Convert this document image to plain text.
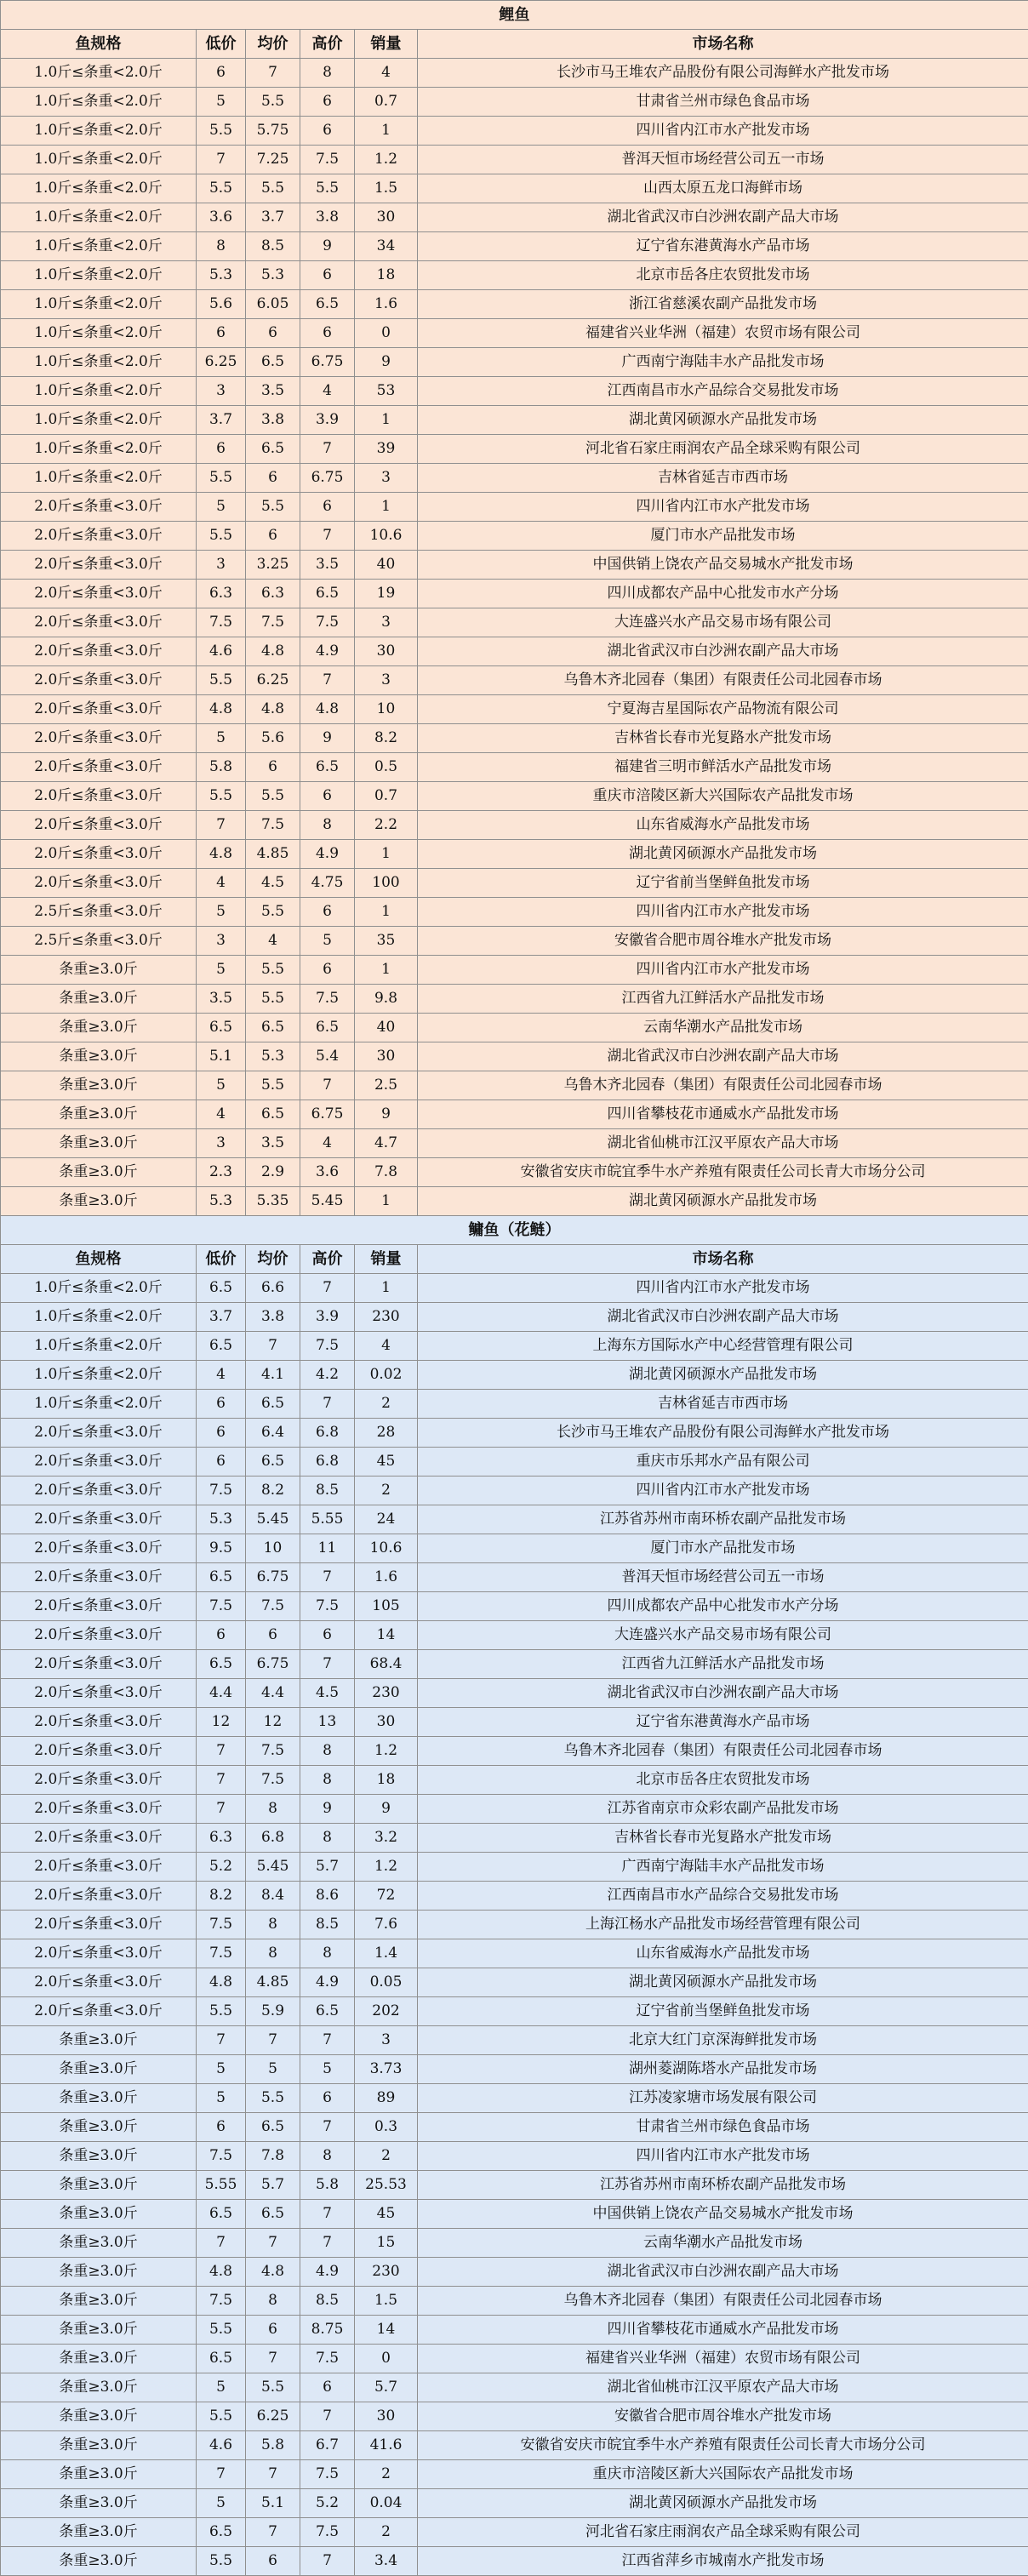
鲤鱼					
鱼规格	低价	均价	高价	销量	市场名称
1.0斤≤条重<2.0斤	6	7	8	4	长沙市马王堆农产品股份有限公司海鲜水产批发市场
1.0斤≤条重<2.0斤	5	5.5	6	0.7	甘肃省兰州市绿色食品市场
1.0斤≤条重<2.0斤	5.5	5.75	6	1	四川省内江市水产批发市场
1.0斤≤条重<2.0斤	7	7.25	7.5	1.2	普洱天恒市场经营公司五一市场
1.0斤≤条重<2.0斤	5.5	5.5	5.5	1.5	山西太原五龙口海鲜市场
1.0斤≤条重<2.0斤	3.6	3.7	3.8	30	湖北省武汉市白沙洲农副产品大市场
1.0斤≤条重<2.0斤	8	8.5	9	34	辽宁省东港黄海水产品市场
1.0斤≤条重<2.0斤	5.3	5.3	6	18	北京市岳各庄农贸批发市场
1.0斤≤条重<2.0斤	5.6	6.05	6.5	1.6	浙江省慈溪农副产品批发市场
1.0斤≤条重<2.0斤	6	6	6	0	福建省兴业华洲（福建）农贸市场有限公司
1.0斤≤条重<2.0斤	6.25	6.5	6.75	9	广西南宁海陆丰水产品批发市场
1.0斤≤条重<2.0斤	3	3.5	4	53	江西南昌市水产品综合交易批发市场
1.0斤≤条重<2.0斤	3.7	3.8	3.9	1	湖北黄冈硕源水产品批发市场
1.0斤≤条重<2.0斤	6	6.5	7	39	河北省石家庄雨润农产品全球采购有限公司
1.0斤≤条重<2.0斤	5.5	6	6.75	3	吉林省延吉市西市场
2.0斤≤条重<3.0斤	5	5.5	6	1	四川省内江市水产批发市场
2.0斤≤条重<3.0斤	5.5	6	7	10.6	厦门市水产品批发市场
2.0斤≤条重<3.0斤	3	3.25	3.5	40	中国供销上饶农产品交易城水产批发市场
2.0斤≤条重<3.0斤	6.3	6.3	6.5	19	四川成都农产品中心批发市水产分场
2.0斤≤条重<3.0斤	7.5	7.5	7.5	3	大连盛兴水产品交易市场有限公司
2.0斤≤条重<3.0斤	4.6	4.8	4.9	30	湖北省武汉市白沙洲农副产品大市场
2.0斤≤条重<3.0斤	5.5	6.25	7	3	乌鲁木齐北园春（集团）有限责任公司北园春市场
2.0斤≤条重<3.0斤	4.8	4.8	4.8	10	宁夏海吉星国际农产品物流有限公司
2.0斤≤条重<3.0斤	5	5.6	9	8.2	吉林省长春市光复路水产批发市场
2.0斤≤条重<3.0斤	5.8	6	6.5	0.5	福建省三明市鲜活水产品批发市场
2.0斤≤条重<3.0斤	5.5	5.5	6	0.7	重庆市涪陵区新大兴国际农产品批发市场
2.0斤≤条重<3.0斤	7	7.5	8	2.2	山东省威海水产品批发市场
2.0斤≤条重<3.0斤	4.8	4.85	4.9	1	湖北黄冈硕源水产品批发市场
2.0斤≤条重<3.0斤	4	4.5	4.75	100	辽宁省前当堡鲜鱼批发市场
2.5斤≤条重<3.0斤	5	5.5	6	1	四川省内江市水产批发市场
2.5斤≤条重<3.0斤	3	4	5	35	安徽省合肥市周谷堆水产批发市场
条重≥3.0斤	5	5.5	6	1	四川省内江市水产批发市场
条重≥3.0斤	3.5	5.5	7.5	9.8	江西省九江鲜活水产品批发市场
条重≥3.0斤	6.5	6.5	6.5	40	云南华潮水产品批发市场
条重≥3.0斤	5.1	5.3	5.4	30	湖北省武汉市白沙洲农副产品大市场
条重≥3.0斤	5	5.5	7	2.5	乌鲁木齐北园春（集团）有限责任公司北园春市场
条重≥3.0斤	4	6.5	6.75	9	四川省攀枝花市通威水产品批发市场
条重≥3.0斤	3	3.5	4	4.7	湖北省仙桃市江汉平原农产品大市场
条重≥3.0斤	2.3	2.9	3.6	7.8	安徽省安庆市皖宜季牛水产养殖有限责任公司长青大市场分公司
条重≥3.0斤	5.3	5.35	5.45	1	湖北黄冈硕源水产品批发市场
鳙鱼（花鲢）					
鱼规格	低价	均价	高价	销量	市场名称
1.0斤≤条重<2.0斤	6.5	6.6	7	1	四川省内江市水产批发市场
1.0斤≤条重<2.0斤	3.7	3.8	3.9	230	湖北省武汉市白沙洲农副产品大市场
1.0斤≤条重<2.0斤	6.5	7	7.5	4	上海东方国际水产中心经营管理有限公司
1.0斤≤条重<2.0斤	4	4.1	4.2	0.02	湖北黄冈硕源水产品批发市场
1.0斤≤条重<2.0斤	6	6.5	7	2	吉林省延吉市西市场
2.0斤≤条重<3.0斤	6	6.4	6.8	28	长沙市马王堆农产品股份有限公司海鲜水产批发市场
2.0斤≤条重<3.0斤	6	6.5	6.8	45	重庆市乐邦水产品有限公司
2.0斤≤条重<3.0斤	7.5	8.2	8.5	2	四川省内江市水产批发市场
2.0斤≤条重<3.0斤	5.3	5.45	5.55	24	江苏省苏州市南环桥农副产品批发市场
2.0斤≤条重<3.0斤	9.5	10	11	10.6	厦门市水产品批发市场
2.0斤≤条重<3.0斤	6.5	6.75	7	1.6	普洱天恒市场经营公司五一市场
2.0斤≤条重<3.0斤	7.5	7.5	7.5	105	四川成都农产品中心批发市水产分场
2.0斤≤条重<3.0斤	6	6	6	14	大连盛兴水产品交易市场有限公司
2.0斤≤条重<3.0斤	6.5	6.75	7	68.4	江西省九江鲜活水产品批发市场
2.0斤≤条重<3.0斤	4.4	4.4	4.5	230	湖北省武汉市白沙洲农副产品大市场
2.0斤≤条重<3.0斤	12	12	13	30	辽宁省东港黄海水产品市场
2.0斤≤条重<3.0斤	7	7.5	8	1.2	乌鲁木齐北园春（集团）有限责任公司北园春市场
2.0斤≤条重<3.0斤	7	7.5	8	18	北京市岳各庄农贸批发市场
2.0斤≤条重<3.0斤	7	8	9	9	江苏省南京市众彩农副产品批发市场
2.0斤≤条重<3.0斤	6.3	6.8	8	3.2	吉林省长春市光复路水产批发市场
2.0斤≤条重<3.0斤	5.2	5.45	5.7	1.2	广西南宁海陆丰水产品批发市场
2.0斤≤条重<3.0斤	8.2	8.4	8.6	72	江西南昌市水产品综合交易批发市场
2.0斤≤条重<3.0斤	7.5	8	8.5	7.6	上海江杨水产品批发市场经营管理有限公司
2.0斤≤条重<3.0斤	7.5	8	8	1.4	山东省威海水产品批发市场
2.0斤≤条重<3.0斤	4.8	4.85	4.9	0.05	湖北黄冈硕源水产品批发市场
2.0斤≤条重<3.0斤	5.5	5.9	6.5	202	辽宁省前当堡鲜鱼批发市场
条重≥3.0斤	7	7	7	3	北京大红门京深海鲜批发市场
条重≥3.0斤	5	5	5	3.73	湖州菱湖陈塔水产品批发市场
条重≥3.0斤	5	5.5	6	89	江苏凌家塘市场发展有限公司
条重≥3.0斤	6	6.5	7	0.3	甘肃省兰州市绿色食品市场
条重≥3.0斤	7.5	7.8	8	2	四川省内江市水产批发市场
条重≥3.0斤	5.55	5.7	5.8	25.53	江苏省苏州市南环桥农副产品批发市场
条重≥3.0斤	6.5	6.5	7	45	中国供销上饶农产品交易城水产批发市场
条重≥3.0斤	7	7	7	15	云南华潮水产品批发市场
条重≥3.0斤	4.8	4.8	4.9	230	湖北省武汉市白沙洲农副产品大市场
条重≥3.0斤	7.5	8	8.5	1.5	乌鲁木齐北园春（集团）有限责任公司北园春市场
条重≥3.0斤	5.5	6	8.75	14	四川省攀枝花市通威水产品批发市场
条重≥3.0斤	6.5	7	7.5	0	福建省兴业华洲（福建）农贸市场有限公司
条重≥3.0斤	5	5.5	6	5.7	湖北省仙桃市江汉平原农产品大市场
条重≥3.0斤	5.5	6.25	7	30	安徽省合肥市周谷堆水产批发市场
条重≥3.0斤	4.6	5.8	6.7	41.6	安徽省安庆市皖宜季牛水产养殖有限责任公司长青大市场分公司
条重≥3.0斤	7	7	7.5	2	重庆市涪陵区新大兴国际农产品批发市场
条重≥3.0斤	5	5.1	5.2	0.04	湖北黄冈硕源水产品批发市场
条重≥3.0斤	6.5	7	7.5	2	河北省石家庄雨润农产品全球采购有限公司
条重≥3.0斤	5.5	6	7	3.4	江西省萍乡市城南水产批发市场
